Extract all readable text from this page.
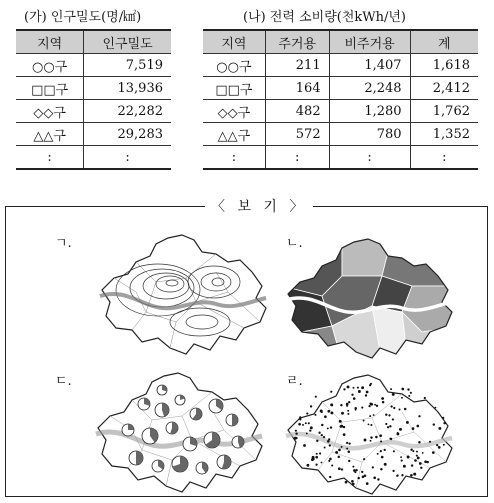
(가) 인구밀도(명/㎢)
지역	인구밀도
○○구	7,519
□□구	13,936
◇◇구	22,282
△△구	29,283
:	:
(나) 전력 소비량(천kWh/년)
지역	주거용	비주거용	계
○○구	211	1,407	1,618
□□구	164	2,248	2,412
◇◇구	482	1,280	1,762
△△구	572	780	1,352
:	:	:	:
〈 보 기 〉
ㄱ.	ㄴ.
ㄷ.	ㄹ.
